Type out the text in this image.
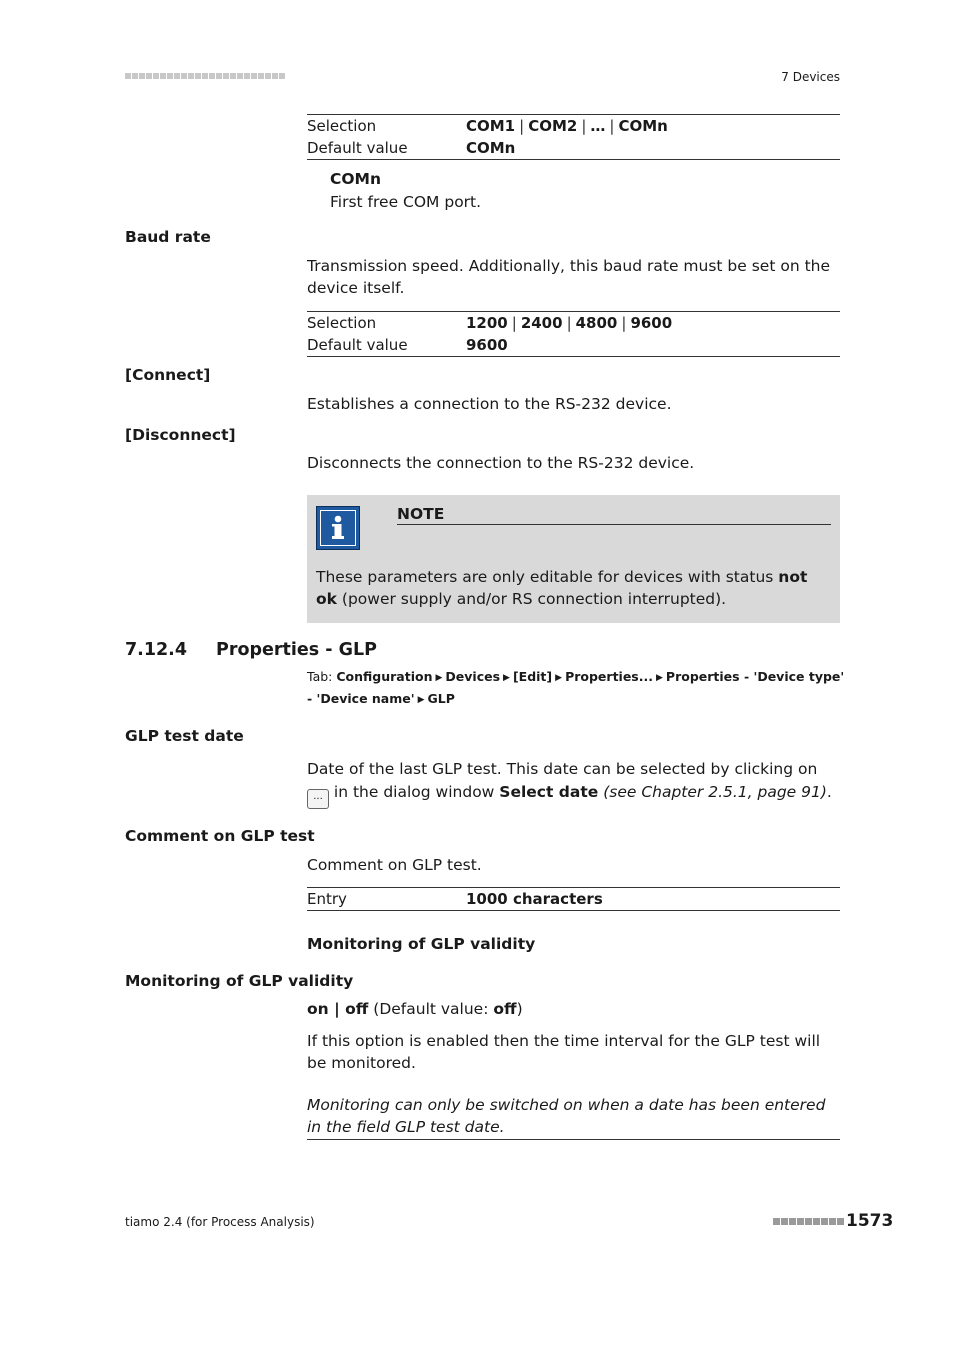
7 Devices
Selection	COM1 | COM2 | … | COMn
Default value	COMn
COMn
First free COM port.
Baud rate
Transmission speed. Additionally, this baud rate must be set on the device itself.
Selection	1200 | 2400 | 4800 | 9600
Default value	9600
[Connect]
Establishes a connection to the RS-232 device.
[Disconnect]
Disconnects the connection to the RS-232 device.
NOTE
These parameters are only editable for devices with status not ok (power supply and/or RS connection interrupted).
7.12.4 Properties - GLP
Tab: Configuration ▶ Devices ▶ [Edit] ▶ Properties... ▶ Properties - 'Device type' - 'Device name' ▶ GLP
GLP test date
Date of the last GLP test. This date can be selected by clicking on ... in the dialog window Select date (see Chapter 2.5.1, page 91).
Comment on GLP test
Comment on GLP test.
Entry	1000 characters
Monitoring of GLP validity
Monitoring of GLP validity
on | off (Default value: off)
If this option is enabled then the time interval for the GLP test will be monitored.
Monitoring can only be switched on when a date has been entered in the field GLP test date.
tiamo 2.4 (for Process Analysis)	1573
